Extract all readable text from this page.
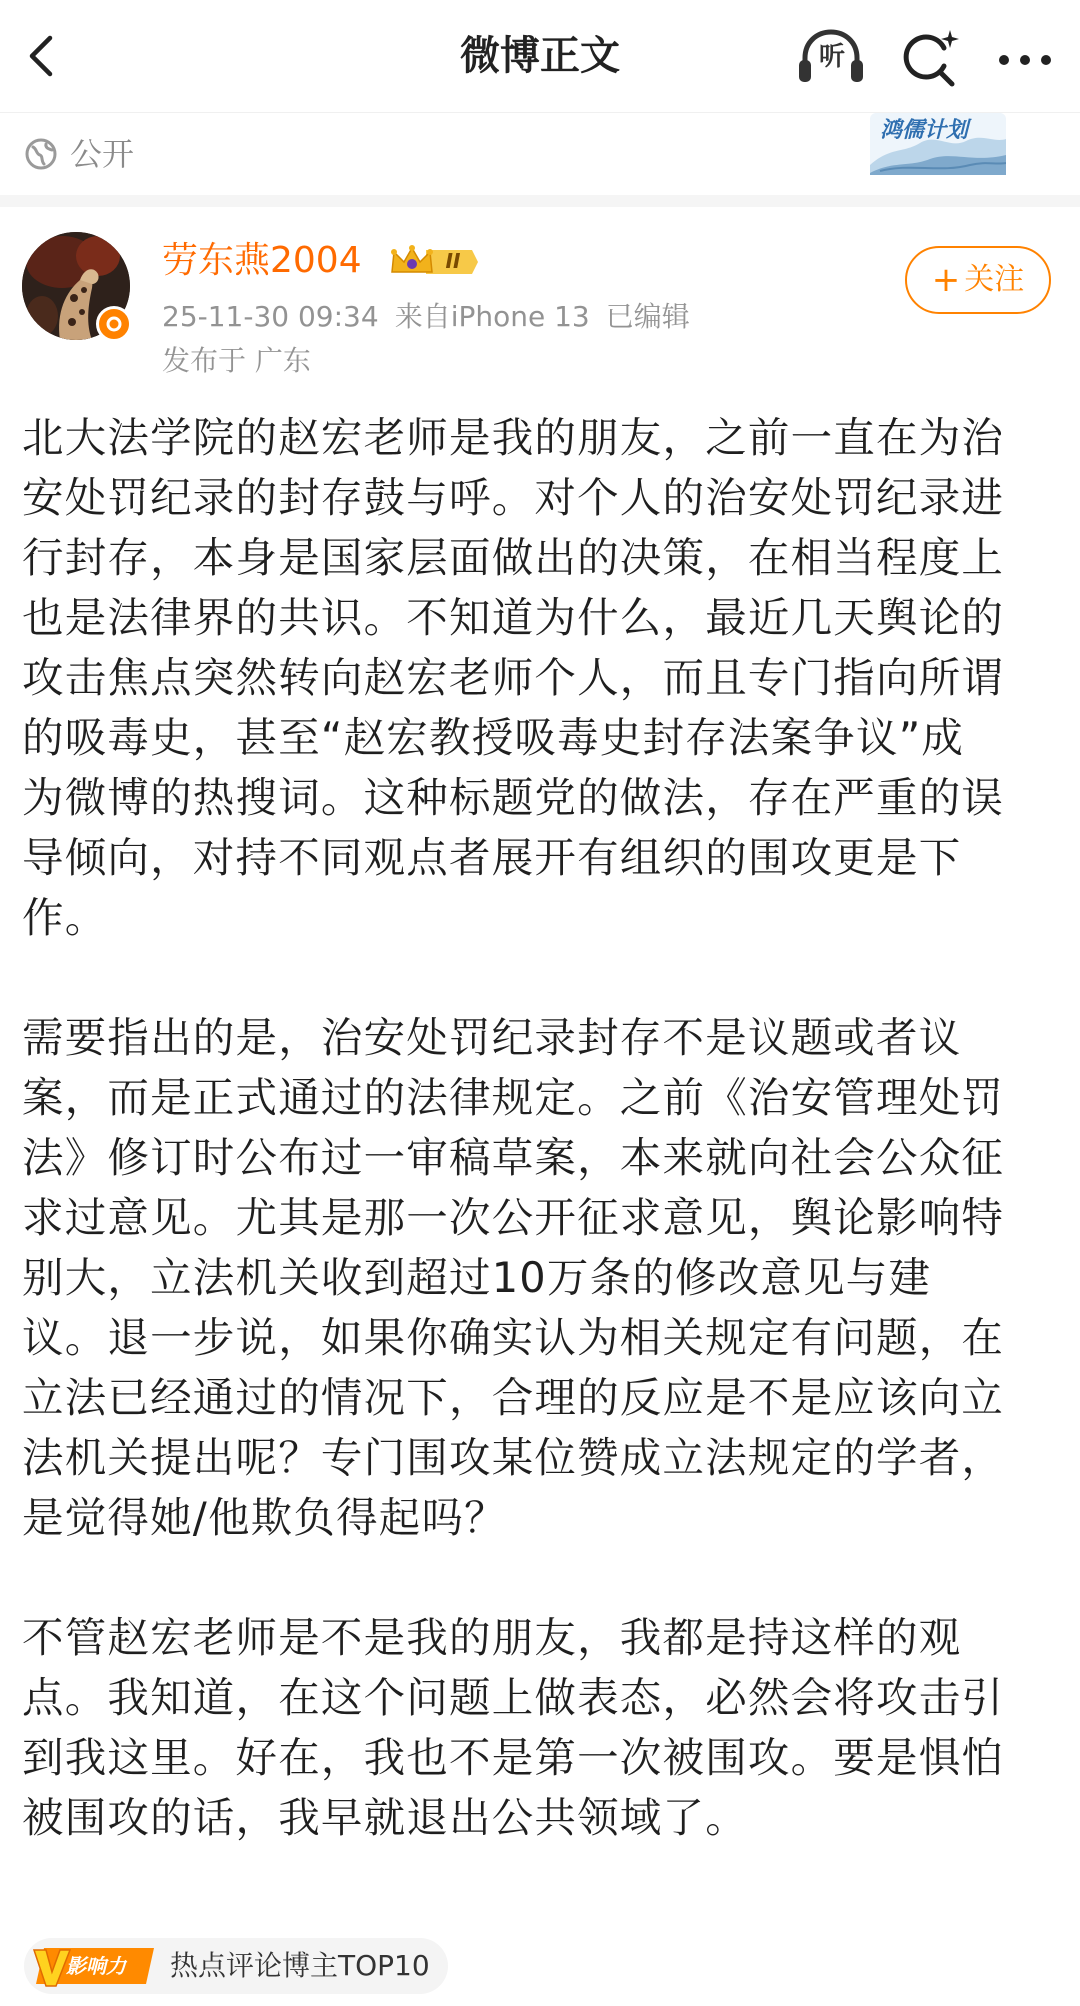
微博正文	听
公开
鸿儒计划
劳东燕2004	II
25-11-30 09:34 来自iPhone 13 已编辑
发布于 广东
+ 关注
北大法学院的赵宏老师是我的朋友，之前一直在为治
安处罚纪录的封存鼓与呼。对个人的治安处罚纪录进
行封存，本身是国家层面做出的决策，在相当程度上
也是法律界的共识。不知道为什么，最近几天舆论的
攻击焦点突然转向赵宏老师个人，而且专门指向所谓
的吸毒史，甚至“赵宏教授吸毒史封存法案争议”成
为微博的热搜词。这种标题党的做法，存在严重的误
导倾向，对持不同观点者展开有组织的围攻更是下
作。
需要指出的是，治安处罚纪录封存不是议题或者议
案，而是正式通过的法律规定。之前《治安管理处罚
法》修订时公布过一审稿草案，本来就向社会公众征
求过意见。尤其是那一次公开征求意见，舆论影响特
别大，立法机关收到超过10万条的修改意见与建
议。退一步说，如果你确实认为相关规定有问题，在
立法已经通过的情况下，合理的反应是不是应该向立
法机关提出呢？专门围攻某位赞成立法规定的学者，
是觉得她/他欺负得起吗？
不管赵宏老师是不是我的朋友，我都是持这样的观
点。我知道，在这个问题上做表态，必然会将攻击引
到我这里。好在，我也不是第一次被围攻。要是惧怕
被围攻的话，我早就退出公共领域了。
影响力 热点评论博主TOP10
